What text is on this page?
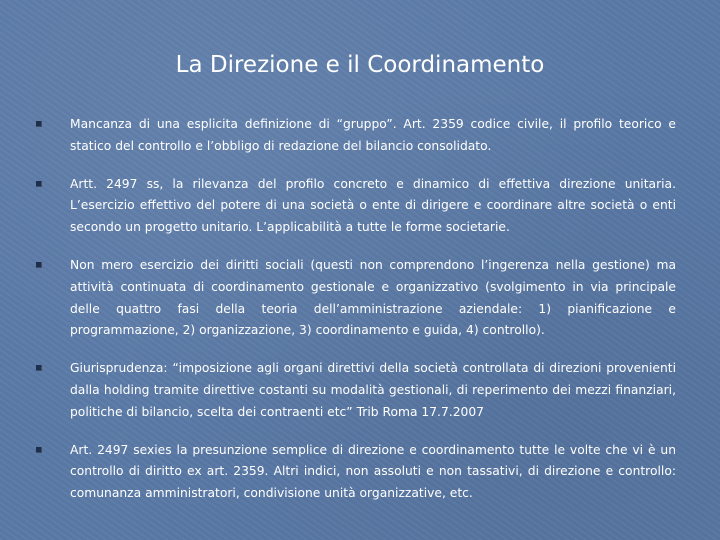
La Direzione e il Coordinamento
Mancanza di una esplicita definizione di “gruppo”. Art. 2359 codice civile, il profilo teorico e statico del controllo e l’obbligo di redazione del bilancio consolidato.
Artt. 2497 ss, la rilevanza del profilo concreto e dinamico di effettiva direzione unitaria. L’esercizio effettivo del potere di una società o ente di dirigere e coordinare altre società o enti secondo un progetto unitario. L’applicabilità a tutte le forme societarie.
Non mero esercizio dei diritti sociali (questi non comprendono l’ingerenza nella gestione) ma attività continuata di coordinamento gestionale e organizzativo (svolgimento in via principale delle quattro fasi della teoria dell’amministrazione aziendale: 1) pianificazione e programmazione, 2) organizzazione, 3) coordinamento e guida, 4) controllo).
Giurisprudenza: “imposizione agli organi direttivi della società controllata di direzioni provenienti dalla holding tramite direttive costanti su modalità gestionali, di reperimento dei mezzi finanziari, politiche di bilancio, scelta dei contraenti etc” Trib Roma 17.7.2007
Art. 2497 sexies la presunzione semplice di direzione e coordinamento tutte le volte che vi è un controllo di diritto ex art. 2359. Altri indici, non assoluti e non tassativi, di direzione e controllo: comunanza amministratori, condivisione unità organizzative, etc.
